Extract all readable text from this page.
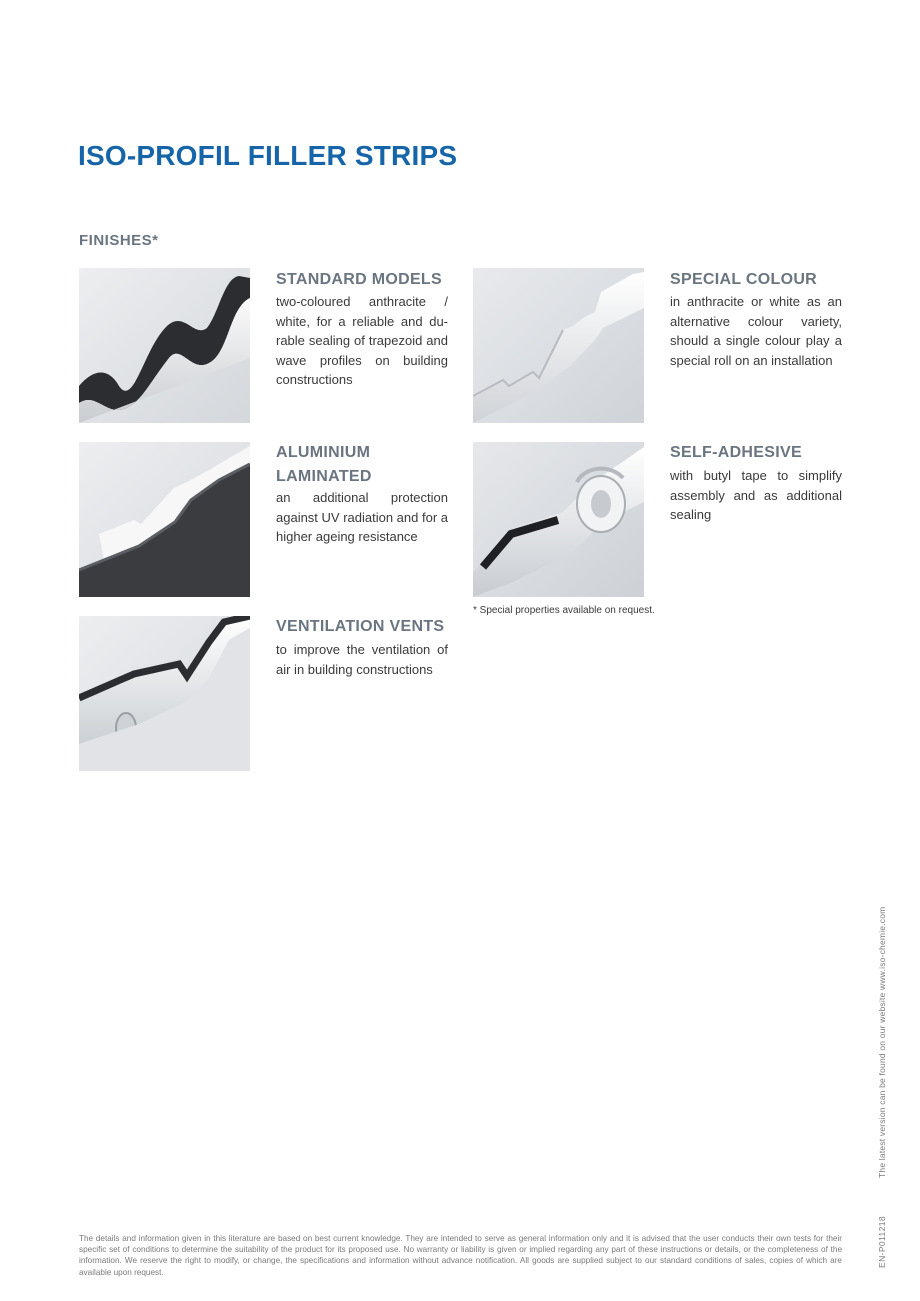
ISO-PROFIL FILLER STRIPS
FINISHES*
STANDARD MODELS

two-coloured anthracite / white, for a reliable and du-rable sealing of trapezoid and wave profiles on building constructions

SPECIAL COLOUR

in anthracite or white as an alternative colour variety, should a single colour play a special roll on an installation

ALUMINIUM LAMINATED

an additional protection against UV radiation and for a higher ageing resistance

SELF-ADHESIVE

with butyl tape to simplify assembly and as additional sealing

VENTILATION VENTS

to improve the ventilation of air in building constructions

* Special properties available on request.
The latest version can be found on our website www.iso-chemie.com
EN-P011218

The details and information given in this literature are based on best current knowledge. They are intended to serve as general information only and it is advised that the user conducts their own tests for their specific set of conditions to determine the suitability of the product for its proposed use. No warranty or liability is given or implied regarding any part of these instructions or details, or the completeness of the information. We reserve the right to modify, or change, the specifications and information without advance notification. All goods are supplied subject to our standard conditions of sales, copies of which are available upon request.
